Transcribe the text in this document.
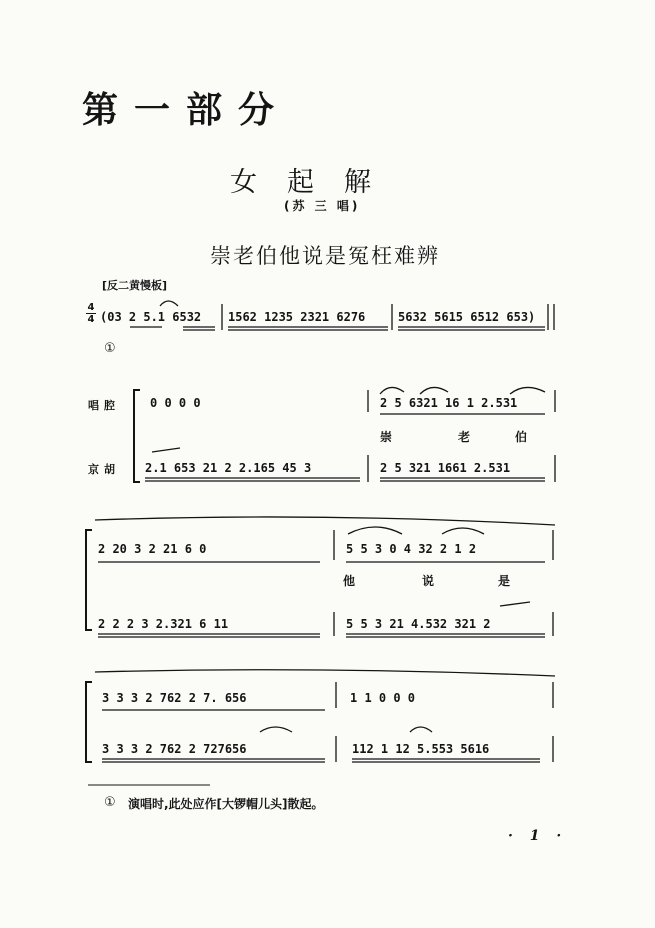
第一部分
女起解
(苏 三 唱)
崇老伯他说是冤枉难辨
[反二黄慢板]
4
4 (03 2 5.1 6532 1562 1235 2321 6276	5632 5615 6512 653)
①
唱腔
京胡
0 0 0 0	2 5 6321 16 1 2.531
崇	老	伯
2.1 653 21 2 2.165 45 3	2 5 321 1661 2.531
2 20 3 2 21 6 0	5 5 3 0 4 32 2 1 2
他	说	是
2 2 2 3 2.321 6 11	5 5 3 21 4.532 321 2
3 3 3 2 762 2 7. 656	1 1 0 0 0
3 3 3 2 762 2 727656	112 1 12 5.553 5616
① 演唱时,此处应作[大锣帽儿头]散起。
· 1 ·
